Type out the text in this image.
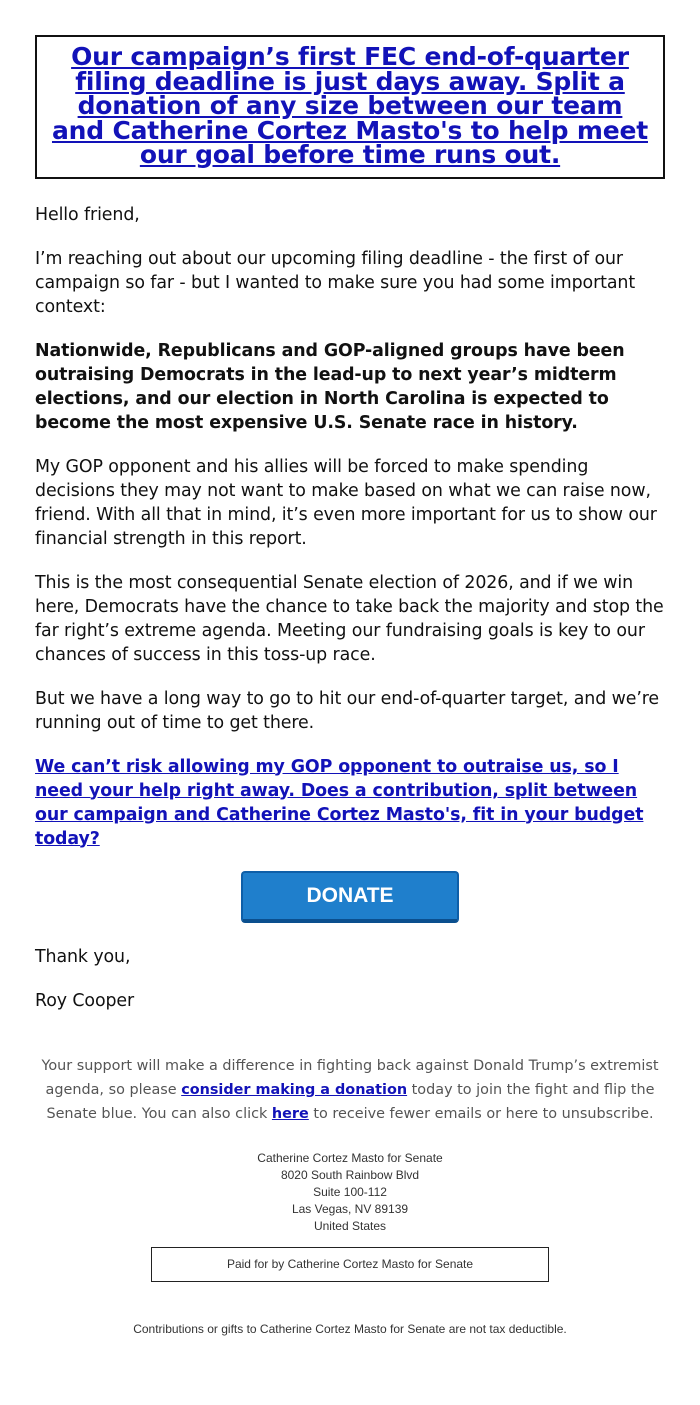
Our campaign’s first FEC end-of-quarter filing deadline is just days away. Split a donation of any size between our team and Catherine Cortez Masto's to help meet our goal before time runs out.

Hello friend,

I’m reaching out about our upcoming filing deadline - the first of our campaign so far - but I wanted to make sure you had some important context:

Nationwide, Republicans and GOP-aligned groups have been outraising Democrats in the lead-up to next year’s midterm elections, and our election in North Carolina is expected to become the most expensive U.S. Senate race in history.

My GOP opponent and his allies will be forced to make spending decisions they may not want to make based on what we can raise now, friend. With all that in mind, it’s even more important for us to show our financial strength in this report.

This is the most consequential Senate election of 2026, and if we win here, Democrats have the chance to take back the majority and stop the far right’s extreme agenda. Meeting our fundraising goals is key to our chances of success in this toss-up race.

But we have a long way to go to hit our end-of-quarter target, and we’re running out of time to get there.

We can’t risk allowing my GOP opponent to outraise us, so I need your help right away. Does a contribution, split between our campaign and Catherine Cortez Masto's, fit in your budget today?

DONATE

Thank you,

Roy Cooper

Your support will make a difference in fighting back against Donald Trump’s extremist agenda, so please consider making a donation today to join the fight and flip the Senate blue. You can also click here to receive fewer emails or here to unsubscribe.
Catherine Cortez Masto for Senate
8020 South Rainbow Blvd
Suite 100-112
Las Vegas, NV 89139
United States
Paid for by Catherine Cortez Masto for Senate
Contributions or gifts to Catherine Cortez Masto for Senate are not tax deductible.
